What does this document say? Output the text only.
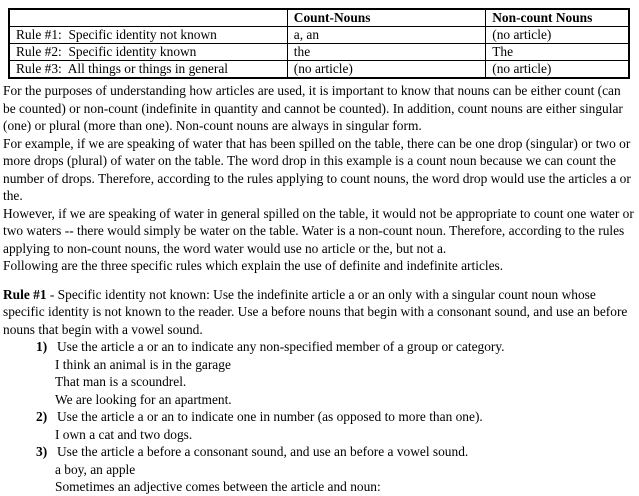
	Count-Nouns	Non-count Nouns
Rule #1:  Specific identity not known	a, an	(no article)
Rule #2:  Specific identity known	the	The
Rule #3:  All things or things in general	(no article)	(no article)

For the purposes of understanding how articles are used, it is important to know that nouns can be either count (can be counted) or non-count (indefinite in quantity and cannot be counted). In addition, count nouns are either singular (one) or plural (more than one). Non-count nouns are always in singular form.

For example, if we are speaking of water that has been spilled on the table, there can be one drop (singular) or two or more drops (plural) of water on the table. The word drop in this example is a count noun because we can count the number of drops. Therefore, according to the rules applying to count nouns, the word drop would use the articles a or the.

However, if we are speaking of water in general spilled on the table, it would not be appropriate to count one water or two waters -- there would simply be water on the table. Water is a non-count noun. Therefore, according to the rules applying to non-count nouns, the word water would use no article or the, but not a.

Following are the three specific rules which explain the use of definite and indefinite articles.

Rule #1 - Specific identity not known: Use the indefinite article a or an only with a singular count noun whose specific identity is not known to the reader. Use a before nouns that begin with a consonant sound, and use an before nouns that begin with a vowel sound.

1) Use the article a or an to indicate any non-specified member of a group or category.
I think an animal is in the garage
That man is a scoundrel.
We are looking for an apartment.
2) Use the article a or an to indicate one in number (as opposed to more than one).
I own a cat and two dogs.
3) Use the article a before a consonant sound, and use an before a vowel sound.
a boy, an apple
Sometimes an adjective comes between the article and noun:
